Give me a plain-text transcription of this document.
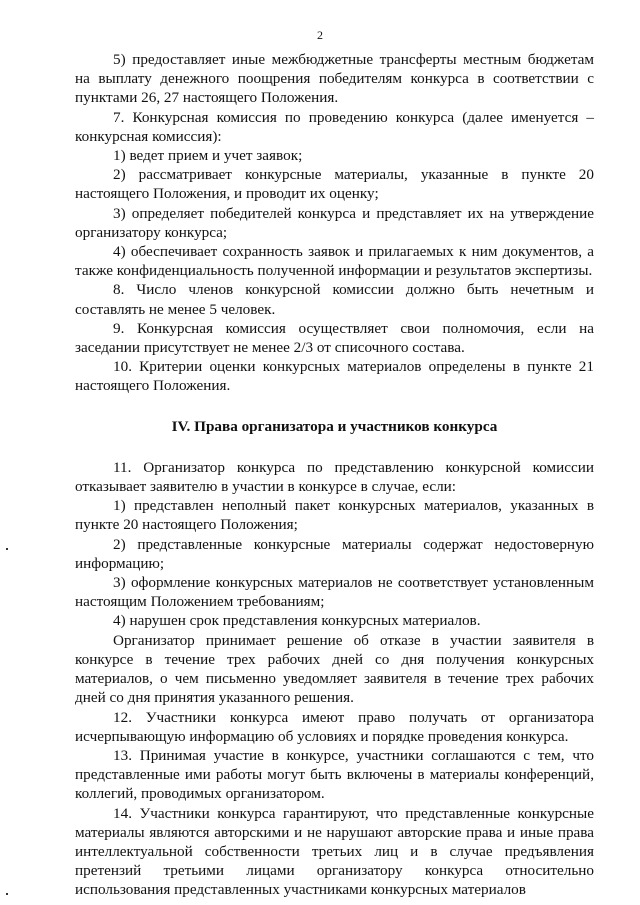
2

5) предоставляет иные межбюджетные трансферты местным бюджетам на выплату денежного поощрения победителям конкурса в соответствии с пунктами 26, 27 настоящего Положения.

7. Конкурсная комиссия по проведению конкурса (далее именуется – конкурсная комиссия):

1) ведет прием и учет заявок;

2) рассматривает конкурсные материалы, указанные в пункте 20 настоящего Положения, и проводит их оценку;

3) определяет победителей конкурса и представляет их на утверждение организатору конкурса;

4) обеспечивает сохранность заявок и прилагаемых к ним документов, а также конфиденциальность полученной информации и результатов экспертизы.

8. Число членов конкурсной комиссии должно быть нечетным и составлять не менее 5 человек.

9. Конкурсная комиссия осуществляет свои полномочия, если на заседании присутствует не менее 2/3 от списочного состава.

10. Критерии оценки конкурсных материалов определены в пункте 21 настоящего Положения.

IV. Права организатора и участников конкурса

11. Организатор конкурса по представлению конкурсной комиссии отказывает заявителю в участии в конкурсе в случае, если:

1) представлен неполный пакет конкурсных материалов, указанных в пункте 20 настоящего Положения;

2) представленные конкурсные материалы содержат недостоверную информацию;

3) оформление конкурсных материалов не соответствует установленным настоящим Положением требованиям;

4) нарушен срок представления конкурсных материалов.

Организатор принимает решение об отказе в участии заявителя в конкурсе в течение трех рабочих дней со дня получения конкурсных материалов, о чем письменно уведомляет заявителя в течение трех рабочих дней со дня принятия указанного решения.

12. Участники конкурса имеют право получать от организатора исчерпывающую информацию об условиях и порядке проведения конкурса.

13. Принимая участие в конкурсе, участники соглашаются с тем, что представленные ими работы могут быть включены в материалы конференций, коллегий, проводимых организатором.

14. Участники конкурса гарантируют, что представленные конкурсные материалы являются авторскими и не нарушают авторские права и иные права интеллектуальной собственности третьих лиц и в случае предъявления претензий третьими лицами организатору конкурса относительно использования представленных участниками конкурсных материалов
